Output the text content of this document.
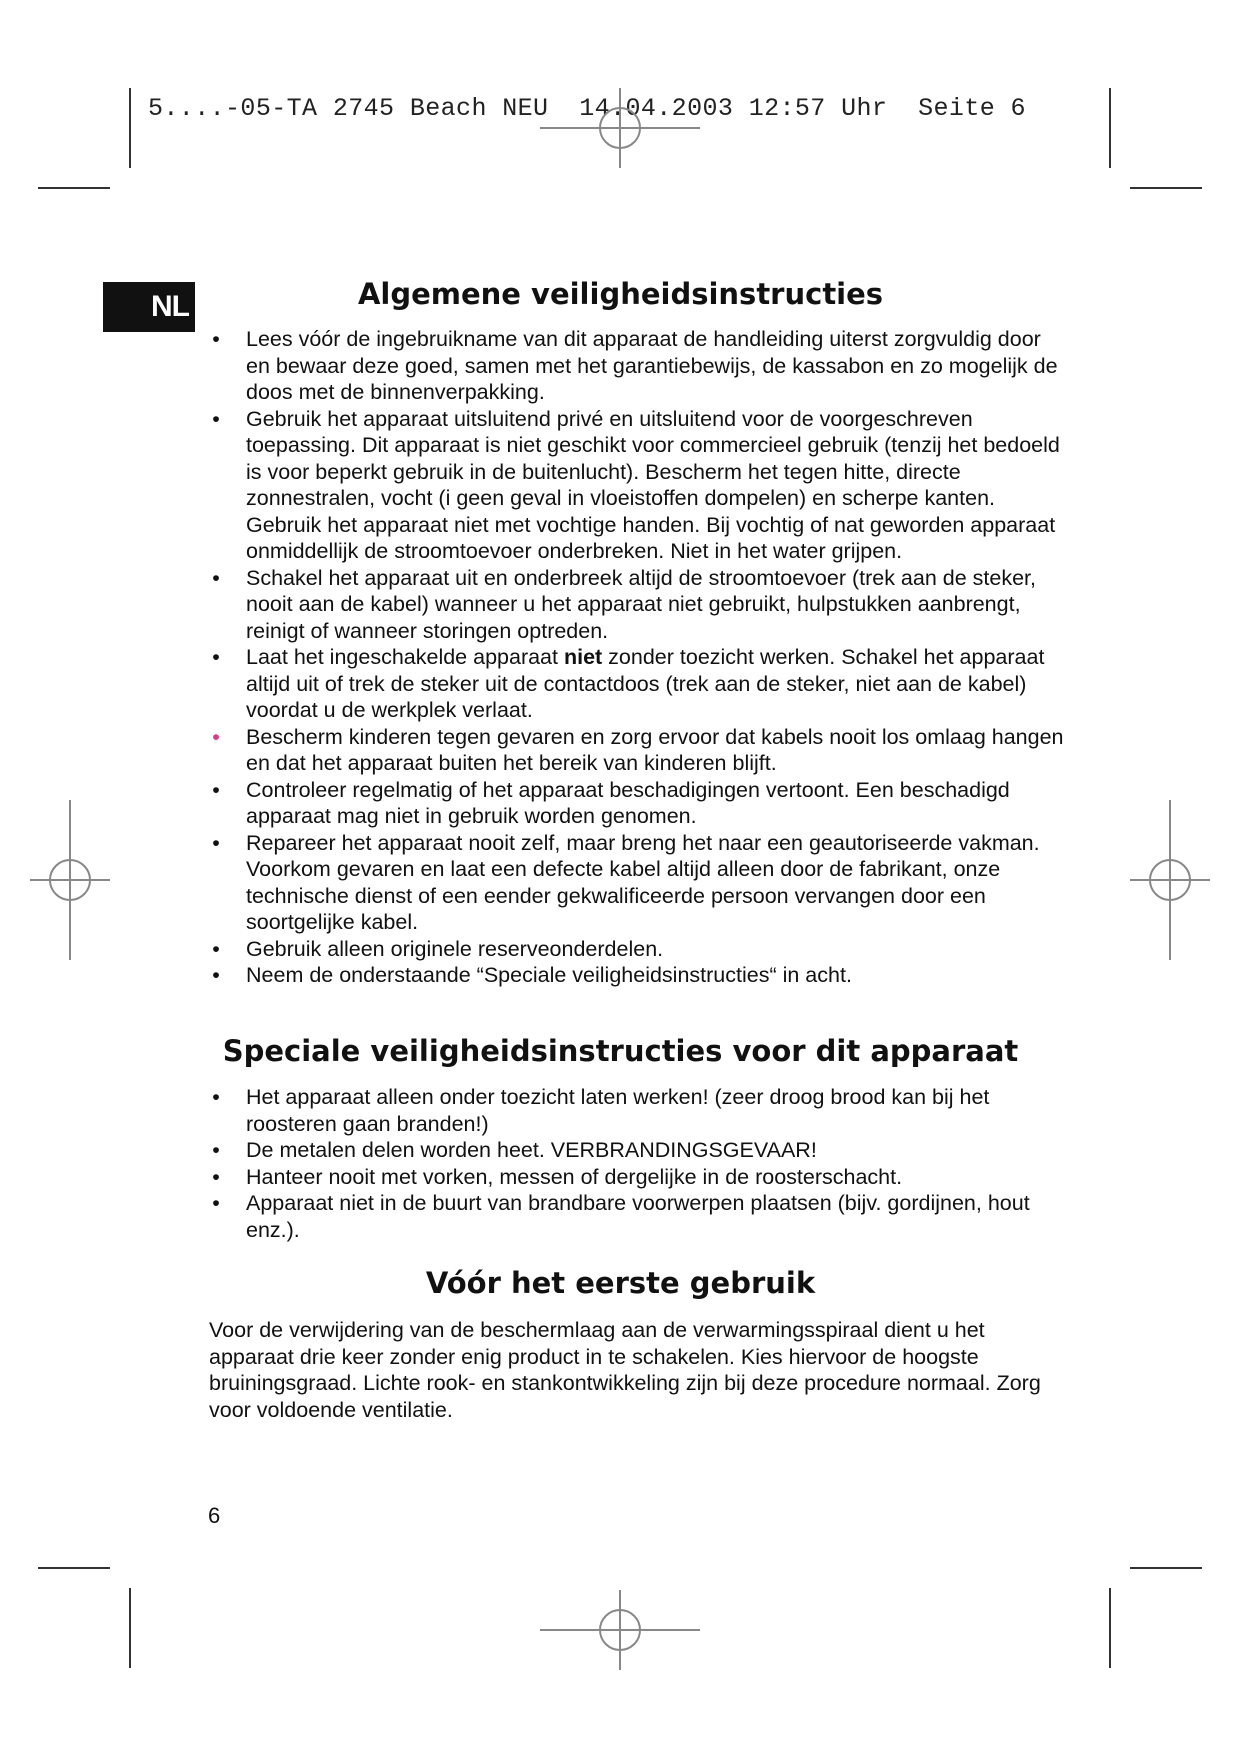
5....-05-TA 2745 Beach NEU  14.04.2003 12:57 Uhr  Seite 6
NL	Algemene veiligheidsinstructies
• Lees vóór de ingebruikname van dit apparaat de handleiding uiterst zorgvuldig door en bewaar deze goed, samen met het garantiebewijs, de kassabon en zo mogelijk de doos met de binnenverpakking.
• Gebruik het apparaat uitsluitend privé en uitsluitend voor de voorgeschreven toepassing. Dit apparaat is niet geschikt voor commercieel gebruik (tenzij het bedoeld is voor beperkt gebruik in de buitenlucht). Bescherm het tegen hitte, directe zonnestralen, vocht (i geen geval in vloeistoffen dompelen) en scherpe kanten. Gebruik het apparaat niet met vochtige handen. Bij vochtig of nat geworden apparaat onmiddellijk de stroomtoevoer onderbreken. Niet in het water grijpen.
• Schakel het apparaat uit en onderbreek altijd de stroomtoevoer (trek aan de steker, nooit aan de kabel) wanneer u het apparaat niet gebruikt, hulpstukken aanbrengt, reinigt of wanneer storingen optreden.
• Laat het ingeschakelde apparaat niet zonder toezicht werken. Schakel het apparaat altijd uit of trek de steker uit de contactdoos (trek aan de steker, niet aan de kabel) voordat u de werkplek verlaat.
• Bescherm kinderen tegen gevaren en zorg ervoor dat kabels nooit los omlaag hangen en dat het apparaat buiten het bereik van kinderen blijft.
• Controleer regelmatig of het apparaat beschadigingen vertoont. Een beschadigd apparaat mag niet in gebruik worden genomen.
• Repareer het apparaat nooit zelf, maar breng het naar een geautoriseerde vakman. Voorkom gevaren en laat een defecte kabel altijd alleen door de fabrikant, onze technische dienst of een eender gekwalificeerde persoon vervangen door een soortgelijke kabel.
• Gebruik alleen originele reserveonderdelen.
• Neem de onderstaande “Speciale veiligheidsinstructies“ in acht.
Speciale veiligheidsinstructies voor dit apparaat
• Het apparaat alleen onder toezicht laten werken! (zeer droog brood kan bij het roosteren gaan branden!)
• De metalen delen worden heet. VERBRANDINGSGEVAAR!
• Hanteer nooit met vorken, messen of dergelijke in de roosterschacht.
• Apparaat niet in de buurt van brandbare voorwerpen plaatsen (bijv. gordijnen, hout enz.).
Vóór het eerste gebruik

Voor de verwijdering van de beschermlaag aan de verwarmingsspiraal dient u het apparaat drie keer zonder enig product in te schakelen. Kies hiervoor de hoogste bruiningsgraad. Lichte rook- en stankontwikkeling zijn bij deze procedure normaal. Zorg voor voldoende ventilatie.

6
